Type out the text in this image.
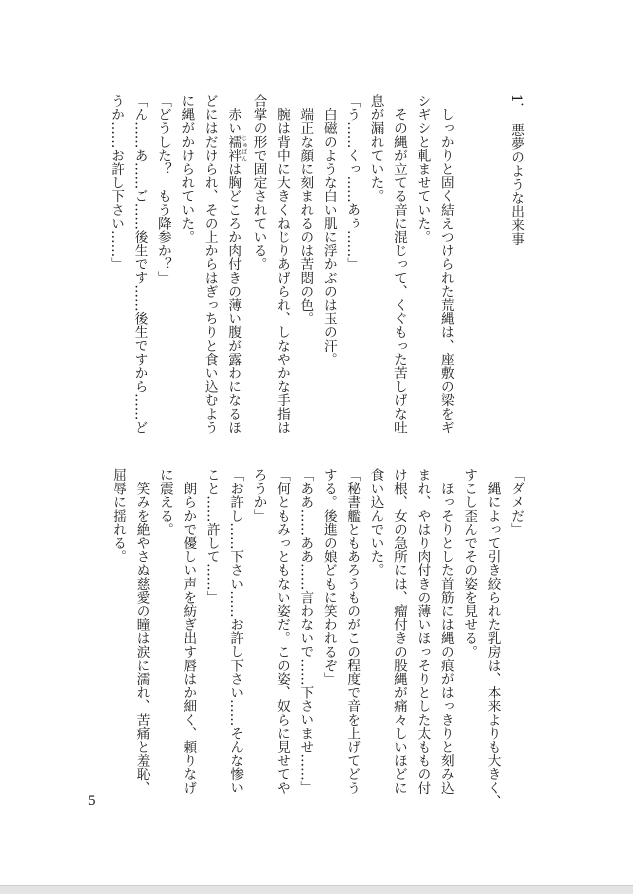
1．　悪夢のような出来事

　しっかりと固く結えつけられた荒縄は、座敷の梁をギ
シギシと軋ませていた。
　その縄が立てる音に混じって、くぐもった苦しげな吐
息が漏れていた。
「う……くっ……あぅ……」
　白磁のような白い肌に浮かぶのは玉の汗。
　端正な顔に刻まれるのは苦悶の色。
　腕は背中に大きくねじりあげられ、しなやかな手指は
合掌の形で固定されている。
　赤い襦袢じゅばんは胸どころか肉付きの薄い腹が露わになるほ
どにはだけられ、その上からはぎっちりと食い込むよう
に縄がかけられていた。
「どうした？　もう降参か？」
「ん……あ……ご……後生です……後生ですから……ど
うか……お許し下さい……」
「ダメだ」
　縄によって引き絞られた乳房は、本来よりも大きく、
すこし歪んでその姿を見せる。
　ほっそりとした首筋には縄の痕がはっきりと刻み込
まれ、やはり肉付きの薄いほっそりとした太ももの付
け根、女の急所には、瘤付きの股縄が痛々しいほどに
食い込んでいた。
「秘書艦ともあろうものがこの程度で音を上げてどう
する。後進の娘どもに笑われるぞ」
「ああ……ああ……言わないで……下さいませ……」
「何ともみっともない姿だ。この姿、奴らに見せてや
ろうか」
「お許し……下さい……お許し下さい……そんな惨い
こと……許して……」
　朗らかで優しい声を紡ぎ出す唇はか細く、頼りなげ
に震える。
　笑みを絶やさぬ慈愛の瞳は涙に濡れ、苦痛と羞恥、
屈辱に揺れる。
5
